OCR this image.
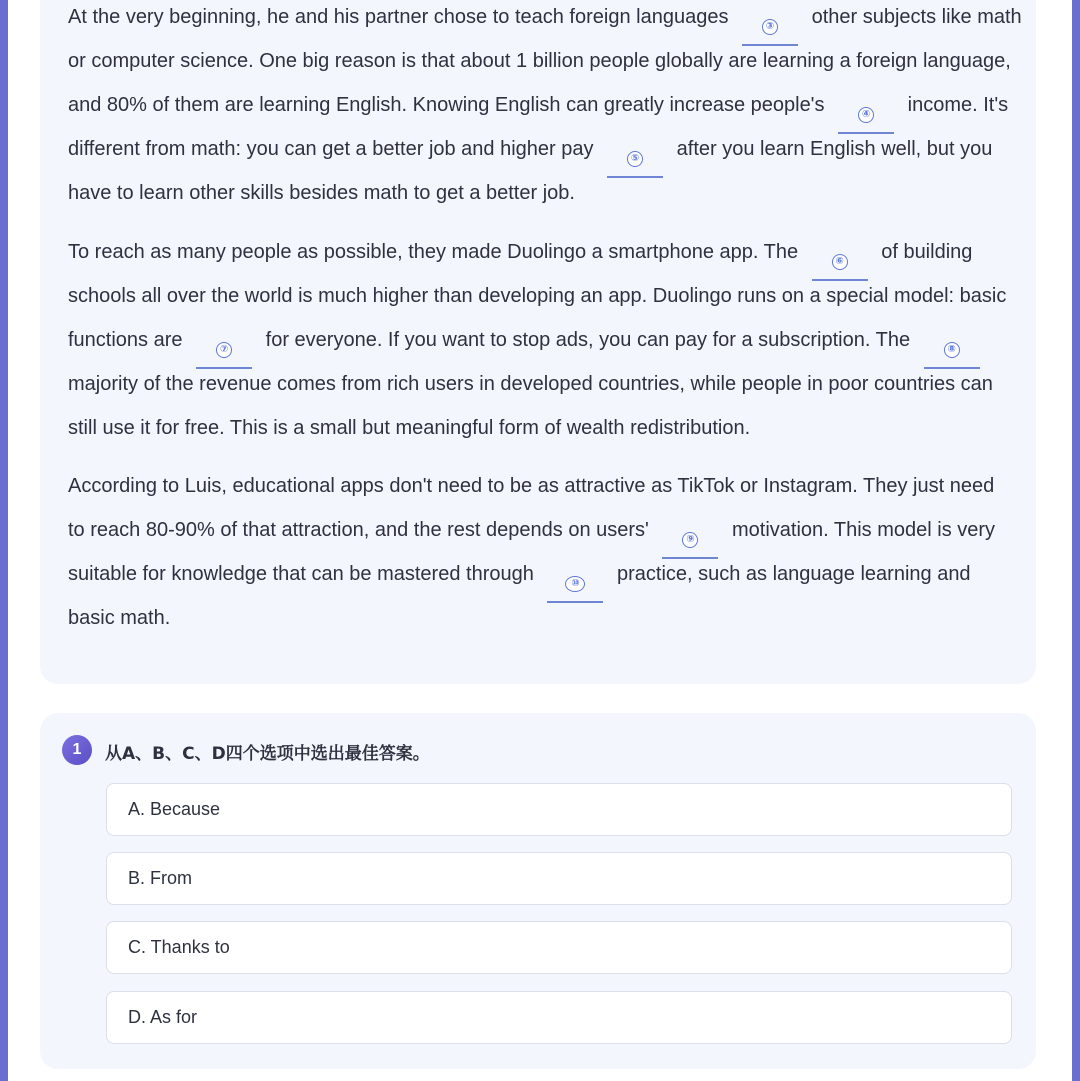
At the very beginning, he and his partner chose to teach foreign languages	③ other subjects like math
or computer science. One big reason is that about 1 billion people globally are learning a foreign language,
and 80% of them are learning English. Knowing English can greatly increase people's	④ income. It's
different from math: you can get a better job and higher pay	⑤ after you learn English well, but you
have to learn other skills besides math to get a better job.
To reach as many people as possible, they made Duolingo a smartphone app. The	⑥ of building
schools all over the world is much higher than developing an app. Duolingo runs on a special model: basic
functions are	⑦ for everyone. If you want to stop ads, you can pay for a subscription. The	⑧
majority of the revenue comes from rich users in developed countries, while people in poor countries can
still use it for free. This is a small but meaningful form of wealth redistribution.
According to Luis, educational apps don't need to be as attractive as TikTok or Instagram. They just need
to reach 80-90% of that attraction, and the rest depends on users'	⑨ motivation. This model is very
suitable for knowledge that can be mastered through	⑩ practice, such as language learning and
basic math.
1	从A、B、C、D四个选项中选出最佳答案。
A. Because
B. From
C. Thanks to
D. As for
